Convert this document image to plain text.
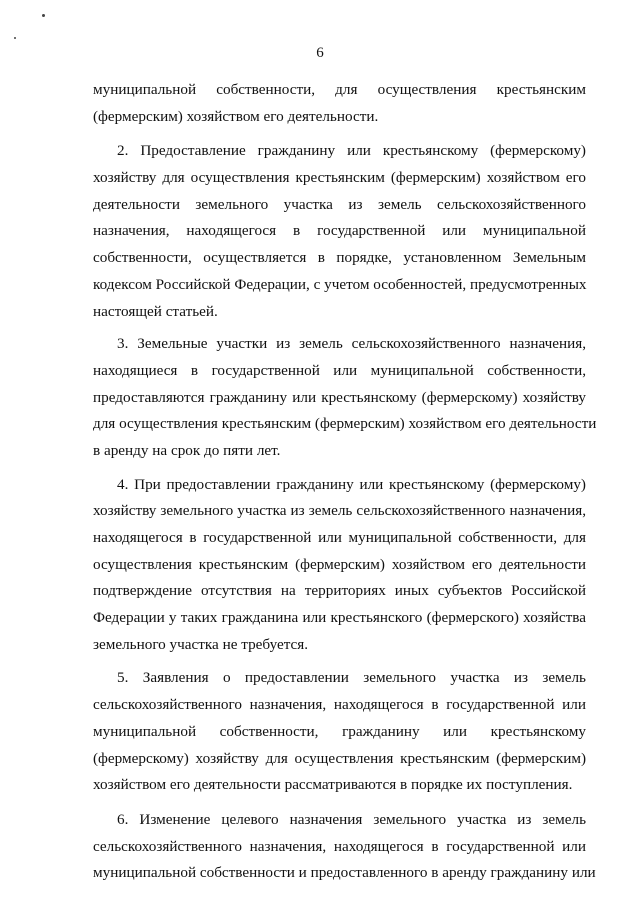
6
муниципальной собственности, для осуществления крестьянским
(фермерским) хозяйством его деятельности.
2. Предоставление гражданину или крестьянскому (фермерскому)
хозяйству для осуществления крестьянским (фермерским) хозяйством его
деятельности земельного участка из земель сельскохозяйственного
назначения, находящегося в государственной или муниципальной
собственности, осуществляется в порядке, установленном Земельным
кодексом Российской Федерации, с учетом особенностей, предусмотренных
настоящей статьей.
3. Земельные участки из земель сельскохозяйственного назначения,
находящиеся в государственной или муниципальной собственности,
предоставляются гражданину или крестьянскому (фермерскому) хозяйству
для осуществления крестьянским (фермерским) хозяйством его деятельности
в аренду на срок до пяти лет.
4. При предоставлении гражданину или крестьянскому (фермерскому)
хозяйству земельного участка из земель сельскохозяйственного назначения,
находящегося в государственной или муниципальной собственности, для
осуществления крестьянским (фермерским) хозяйством его деятельности
подтверждение отсутствия на территориях иных субъектов Российской
Федерации у таких гражданина или крестьянского (фермерского) хозяйства
земельного участка не требуется.
5. Заявления о предоставлении земельного участка из земель
сельскохозяйственного назначения, находящегося в государственной или
муниципальной собственности, гражданину или крестьянскому
(фермерскому) хозяйству для осуществления крестьянским (фермерским)
хозяйством его деятельности рассматриваются в порядке их поступления.
6. Изменение целевого назначения земельного участка из земель
сельскохозяйственного назначения, находящегося в государственной или
муниципальной собственности и предоставленного в аренду гражданину или
